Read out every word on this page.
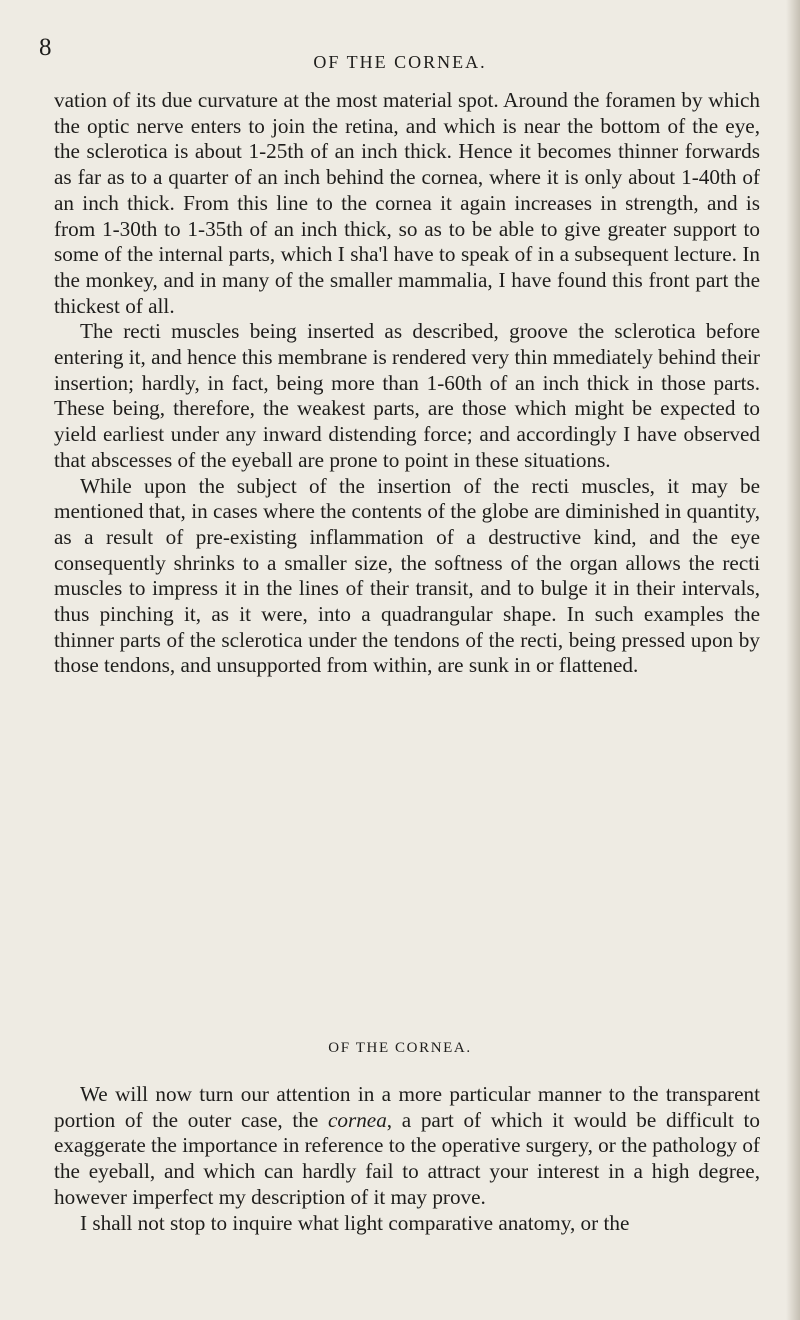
8
OF THE CORNEA.

vation of its due curvature at the most material spot. Around the foramen by which the optic nerve enters to join the retina, and which is near the bottom of the eye, the sclerotica is about 1-25th of an inch thick. Hence it becomes thinner forwards as far as to a quarter of an inch behind the cornea, where it is only about 1-40th of an inch thick. From this line to the cornea it again increases in strength, and is from 1-30th to 1-35th of an inch thick, so as to be able to give greater support to some of the internal parts, which I sha'l have to speak of in a subsequent lecture. In the monkey, and in many of the smaller mammalia, I have found this front part the thickest of all.

The recti muscles being inserted as described, groove the sclerotica before entering it, and hence this membrane is rendered very thin mmediately behind their insertion; hardly, in fact, being more than 1-60th of an inch thick in those parts. These being, therefore, the weakest parts, are those which might be expected to yield earliest under any inward distending force; and accordingly I have observed that abscesses of the eyeball are prone to point in these situations.

While upon the subject of the insertion of the recti muscles, it may be mentioned that, in cases where the contents of the globe are diminished in quantity, as a result of pre-existing inflammation of a destructive kind, and the eye consequently shrinks to a smaller size, the softness of the organ allows the recti muscles to impress it in the lines of their transit, and to bulge it in their intervals, thus pinching it, as it were, into a quadrangular shape. In such examples the thinner parts of the sclerotica under the tendons of the recti, being pressed upon by those tendons, and unsupported from within, are sunk in or flattened.

OF THE CORNEA.

We will now turn our attention in a more particular manner to the transparent portion of the outer case, the cornea, a part of which it would be difficult to exaggerate the importance in reference to the operative surgery, or the pathology of the eyeball, and which can hardly fail to attract your interest in a high degree, however imperfect my description of it may prove.

I shall not stop to inquire what light comparative anatomy, or the
